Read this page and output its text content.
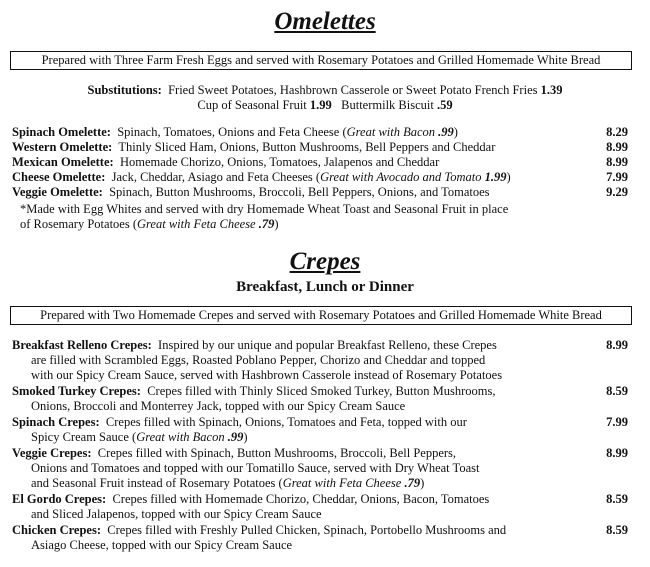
Omelettes
Prepared with Three Farm Fresh Eggs and served with Rosemary Potatoes and Grilled Homemade White Bread
Substitutions: Fried Sweet Potatoes, Hashbrown Casserole or Sweet Potato French Fries 1.39
Cup of Seasonal Fruit 1.99 Buttermilk Biscuit .59
Spinach Omelette: Spinach, Tomatoes, Onions and Feta Cheese (Great with Bacon .99)	8.29
Western Omelette: Thinly Sliced Ham, Onions, Button Mushrooms, Bell Peppers and Cheddar	8.99
Mexican Omelette: Homemade Chorizo, Onions, Tomatoes, Jalapenos and Cheddar	8.99
Cheese Omelette: Jack, Cheddar, Asiago and Feta Cheeses (Great with Avocado and Tomato 1.99)	7.99
Veggie Omelette: Spinach, Button Mushrooms, Broccoli, Bell Peppers, Onions, and Tomatoes	9.29
*Made with Egg Whites and served with dry Homemade Wheat Toast and Seasonal Fruit in place
of Rosemary Potatoes (Great with Feta Cheese .79)
Crepes
Breakfast, Lunch or Dinner
Prepared with Two Homemade Crepes and served with Rosemary Potatoes and Grilled Homemade White Bread
Breakfast Relleno Crepes: Inspired by our unique and popular Breakfast Relleno, these Crepes
are filled with Scrambled Eggs, Roasted Poblano Pepper, Chorizo and Cheddar and topped
with our Spicy Cream Sauce, served with Hashbrown Casserole instead of Rosemary Potatoes
8.99
Smoked Turkey Crepes: Crepes filled with Thinly Sliced Smoked Turkey, Button Mushrooms,
Onions, Broccoli and Monterrey Jack, topped with our Spicy Cream Sauce
8.59
Spinach Crepes: Crepes filled with Spinach, Onions, Tomatoes and Feta, topped with our
Spicy Cream Sauce (Great with Bacon .99)
7.99
Veggie Crepes: Crepes filled with Spinach, Button Mushrooms, Broccoli, Bell Peppers,
Onions and Tomatoes and topped with our Tomatillo Sauce, served with Dry Wheat Toast
and Seasonal Fruit instead of Rosemary Potatoes (Great with Feta Cheese .79)
8.99
El Gordo Crepes: Crepes filled with Homemade Chorizo, Cheddar, Onions, Bacon, Tomatoes
and Sliced Jalapenos, topped with our Spicy Cream Sauce
8.59
Chicken Crepes: Crepes filled with Freshly Pulled Chicken, Spinach, Portobello Mushrooms and
Asiago Cheese, topped with our Spicy Cream Sauce
8.59
